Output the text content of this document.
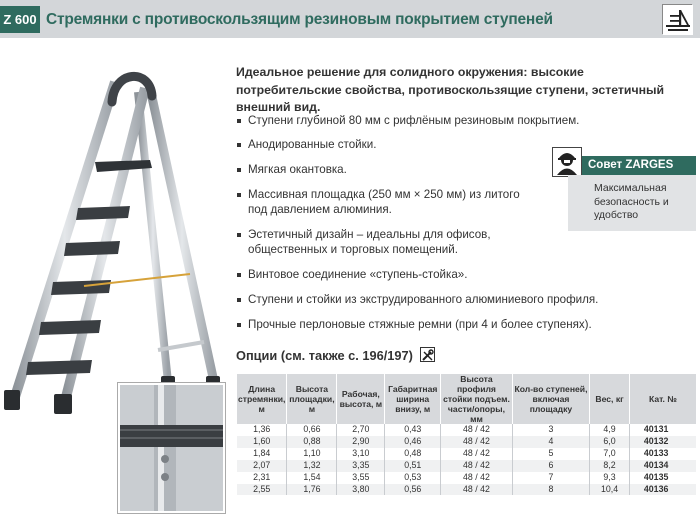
Z 600 Стремянки с противоскользящим резиновым покрытием ступеней

Идеальное решение для солидного окружения: высокие потребительские свойства, противоскользящие ступени, эстетичный внешний вид.

Ступени глубиной 80 мм с рифлёным резиновым покрытием.
Анодированные стойки.
Мягкая окантовка.
Массивная площадка (250 мм × 250 мм) из литого под давлением алюминия.
Эстетичный дизайн – идеальны для офисов, общественных и торговых помещений.
Винтовое соединение «ступень-стойка».
Ступени и стойки из экструдированного алюминиевого профиля.
Прочные перлоновые стяжные ремни (при 4 и более ступенях).
Совет ZARGES
Максимальная безопасность и удобство
Опции (см. также с. 196/197)
Длина стремянки, м	Высота площадки, м	Рабочая, высота, м	Габаритная ширина внизу, м	Высота профиля стойки подъем. части/опоры, мм	Кол-во ступеней, включая площадку	Вес, кг	Кат. №
1,36	0,66	2,70	0,43	48 / 42	3	4,9	40131
1,60	0,88	2,90	0,46	48 / 42	4	6,0	40132
1,84	1,10	3,10	0,48	48 / 42	5	7,0	40133
2,07	1,32	3,35	0,51	48 / 42	6	8,2	40134
2,31	1,54	3,55	0,53	48 / 42	7	9,3	40135
2,55	1,76	3,80	0,56	48 / 42	8	10,4	40136
